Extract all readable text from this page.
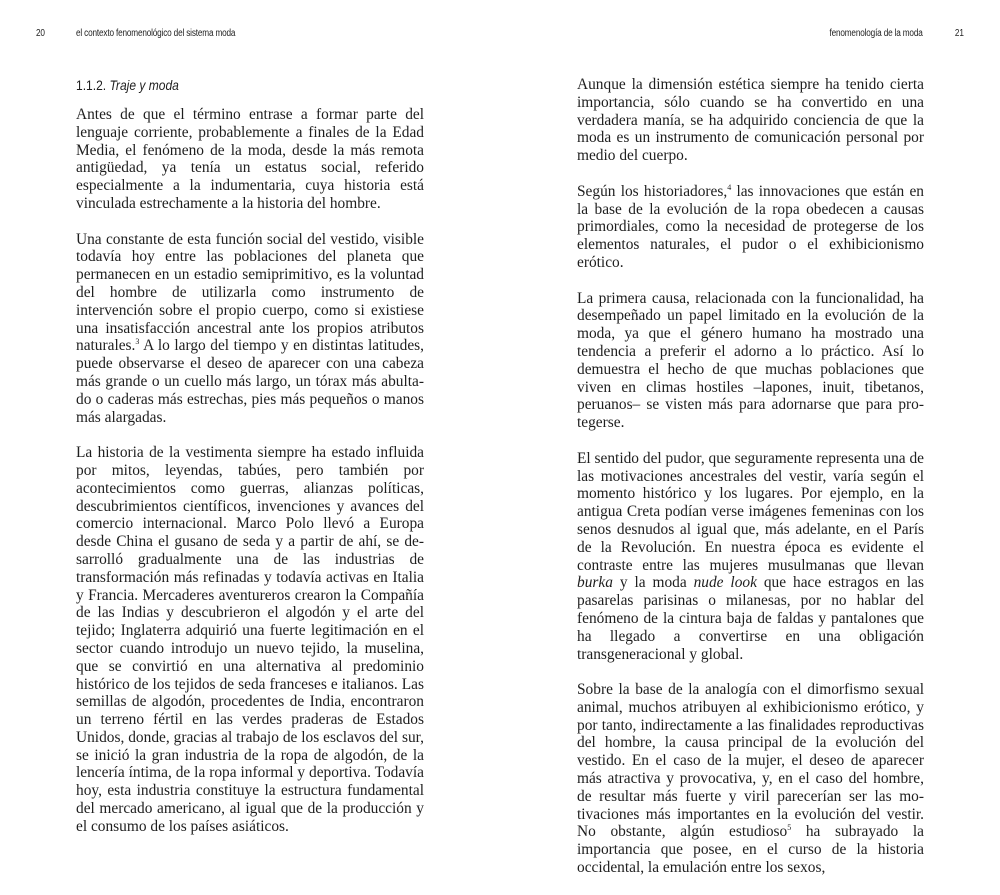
20	el contexto fenomenológico del sistema moda
1.1.2. Traje y moda

Antes de que el término entrase a formar parte del lenguaje corriente, probablemente a finales de la Edad Media, el fenómeno de la moda, desde la más remota antigüedad, ya tenía un estatus social, referido especialmente a la indumentaria, cuya historia está vinculada estrechamente a la historia del hombre.

Una constante de esta función social del vestido, visible todavía hoy entre las poblaciones del planeta que permanecen en un estadio semiprimitivo, es la voluntad del hombre de utilizarla como instrumento de intervención sobre el propio cuerpo, como si existiese una insatisfacción ancestral ante los propios atributos naturales.$^3$ A lo largo del tiempo y en distintas latitudes, puede observarse el deseo de aparecer con una cabeza más grande o un cuello más largo, un tórax más abultado o caderas más estrechas, pies más pequeños o manos más alargadas.

La historia de la vestimenta siempre ha estado influida por mitos, leyendas, tabúes, pero también por acontecimientos como guerras, alianzas políticas, descubrimientos científicos, invenciones y avances del comercio internacional. Marco Polo llevó a Europa desde China el gusano de seda y a partir de ahí, se desarrolló gradualmente una de las industrias de transformación más refinadas y todavía activas en Italia y Francia. Mercaderes aventureros crearon la Compañía de las Indias y descubrieron el algodón y el arte del tejido; Inglaterra adquirió una fuerte legitimación en el sector cuando introdujo un nuevo tejido, la muselina, que se convirtió en una alternativa al predominio histórico de los tejidos de seda franceses e italianos. Las semillas de algodón, procedentes de India, encontraron un terreno fértil en las verdes praderas de Estados Unidos, donde, gracias al trabajo de los esclavos del sur, se inició la gran industria de la ropa de algodón, de la lencería íntima, de la ropa informal y deportiva. Todavía hoy, esta industria constituye la estructura fundamental del mercado americano, al igual que de la producción y el consumo de los países asiáticos.

fenomenología de la moda	21

Aunque la dimensión estética siempre ha tenido cierta importancia, sólo cuando se ha convertido en una verdadera manía, se ha adquirido conciencia de que la moda es un instrumento de comunicación personal por medio del cuerpo.

Según los historiadores,$^4$ las innovaciones que están en la base de la evolución de la ropa obedecen a causas primordiales, como la necesidad de protegerse de los elementos naturales, el pudor o el exhibicionismo erótico.

La primera causa, relacionada con la funcionalidad, ha desempeñado un papel limitado en la evolución de la moda, ya que el género humano ha mostrado una tendencia a preferir el adorno a lo práctico. Así lo demuestra el hecho de que muchas poblaciones que viven en climas hostiles –lapones, inuit, tibetanos, peruanos– se visten más para adornarse que para protegerse.

El sentido del pudor, que seguramente representa una de las motivaciones ancestrales del vestir, varía según el momento histórico y los lugares. Por ejemplo, en la antigua Creta podían verse imágenes femeninas con los senos desnudos al igual que, más adelante, en el París de la Revolución. En nuestra época es evidente el contraste entre las mujeres musulmanas que llevan burka y la moda nude look que hace estragos en las pasarelas parisinas o milanesas, por no hablar del fenómeno de la cintura baja de faldas y pantalones que ha llegado a convertirse en una obligación transgeneracional y global.

Sobre la base de la analogía con el dimorfismo sexual animal, muchos atribuyen al exhibicionismo erótico, y por tanto, indirectamente a las finalidades reproductivas del hombre, la causa principal de la evolución del vestido. En el caso de la mujer, el deseo de aparecer más atractiva y provocativa, y, en el caso del hombre, de resultar más fuerte y viril parecerían ser las motivaciones más importantes en la evolución del vestir. No obstante, algún estudioso$^5$ ha subrayado la importancia que posee, en el curso de la historia occidental, la emulación entre los sexos,
